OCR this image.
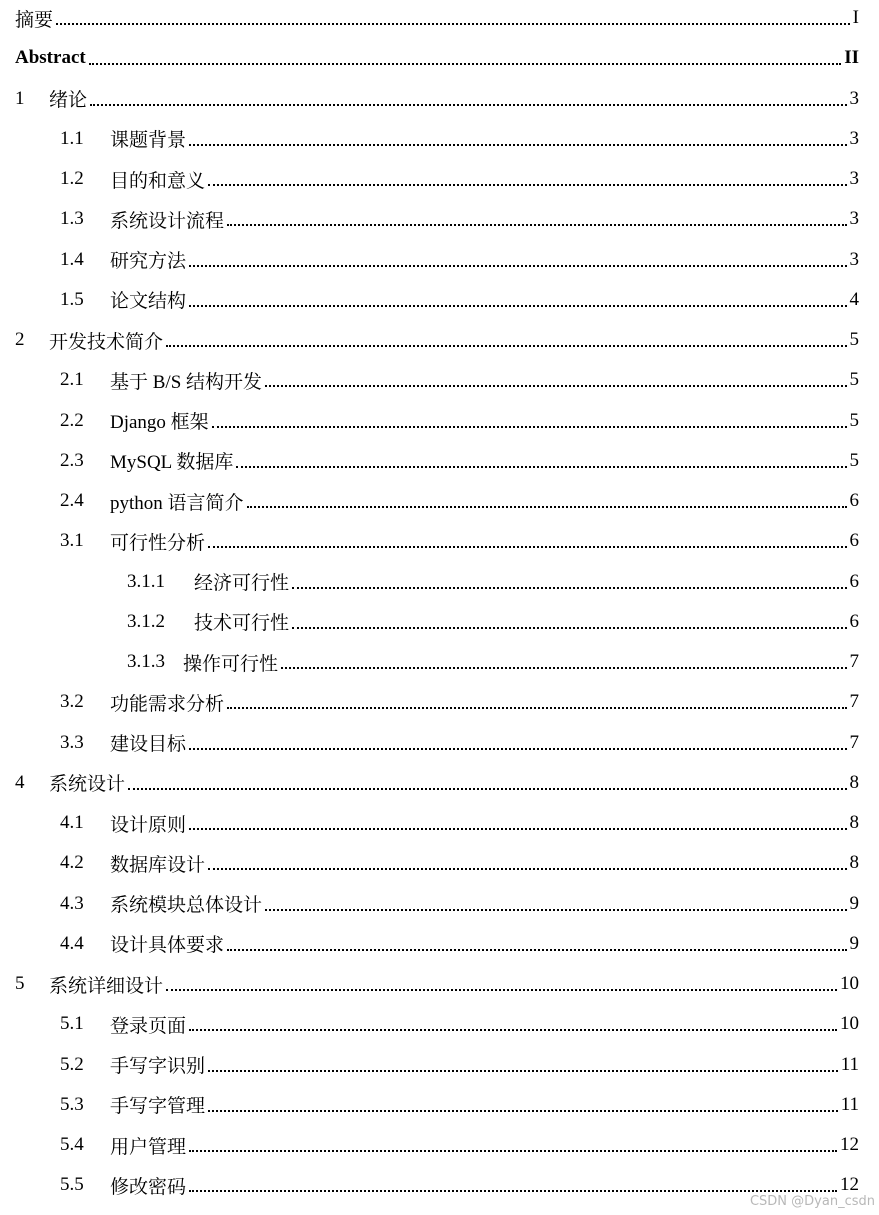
摘要	I
Abstract	II
1	绪论	3
1.1	课题背景	3
1.2	目的和意义	3
1.3	系统设计流程	3
1.4	研究方法	3
1.5	论文结构	4
2	开发技术简介	5
2.1	基于 B/S 结构开发	5
2.2	Django 框架	5
2.3	MySQL 数据库	5
2.4	python 语言简介	6
3.1	可行性分析	6
3.1.1	经济可行性	6
3.1.2	技术可行性	6
3.1.3 操作可行性	7
3.2	功能需求分析	7
3.3	建设目标	7
4	系统设计	8
4.1	设计原则	8
4.2	数据库设计	8
4.3	系统模块总体设计	9
4.4	设计具体要求	9
5	系统详细设计	10
5.1	登录页面	10
5.2	手写字识别	11
5.3	手写字管理	11
5.4	用户管理	12
5.5	修改密码	12
CSDN @Dyan_csdn
